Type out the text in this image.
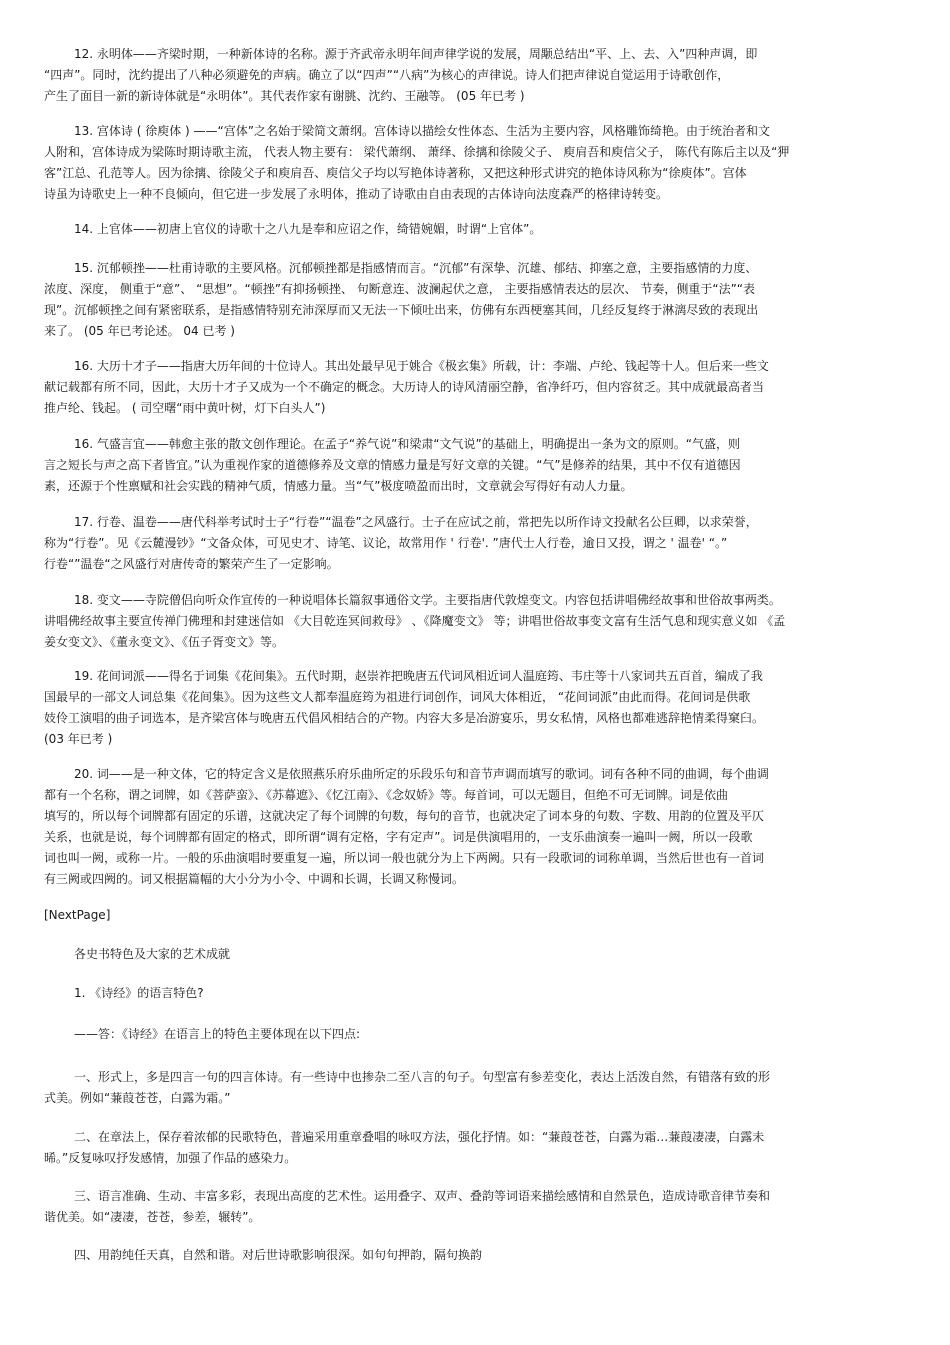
12. 永明体——齐梁时期，一种新体诗的名称。源于齐武帝永明年间声律学说的发展，周颙总结出“平、上、去、入”四种声调，即
“四声”。同时，沈约提出了八种必须避免的声病。确立了以“四声”“八病”为核心的声律说。诗人们把声律说自觉运用于诗歌创作，
产生了面目一新的新诗体就是“永明体”。其代表作家有谢朓、沈约、王融等。 (05 年已考 )
13. 宫体诗 ( 徐庾体 ) ——“宫体”之名始于梁简文萧纲。宫体诗以描绘女性体态、生活为主要内容，风格雕饰绮艳。由于统治者和文
人附和，宫体诗成为梁陈时期诗歌主流， 代表人物主要有： 梁代萧纲、 萧绎、徐摛和徐陵父子、 庾肩吾和庾信父子， 陈代有陈后主以及“狎
客”江总、孔范等人。因为徐摛、徐陵父子和庾肩吾、庾信父子均以写艳体诗著称，又把这种形式讲究的艳体诗风称为“徐庾体”。宫体
诗虽为诗歌史上一种不良倾向，但它进一步发展了永明体，推动了诗歌由自由表现的古体诗向法度森严的格律诗转变。
14. 上官体——初唐上官仪的诗歌十之八九是奉和应诏之作，绮错婉媚，时谓“上官体”。
15. 沉郁顿挫——杜甫诗歌的主要风格。沉郁顿挫都是指感情而言。“沉郁”有深挚、沉雄、郁结、抑塞之意，主要指感情的力度、
浓度、深度， 侧重于“意”、 “思想”。“顿挫”有抑扬顿挫、 句断意连、波澜起伏之意， 主要指感情表达的层次、 节奏，侧重于“法”“表
现”。沉郁顿挫之间有紧密联系，是指感情特别充沛深厚而又无法一下倾吐出来，仿佛有东西梗塞其间，几经反复终于淋漓尽致的表现出
来了。 (05 年已考论述。 04 已考 )
16. 大历十才子——指唐大历年间的十位诗人。其出处最早见于姚合《极玄集》所载，计：李端、卢纶、钱起等十人。但后来一些文
献记载都有所不同，因此，大历十才子又成为一个不确定的概念。大历诗人的诗风清丽空静，省净纤巧，但内容贫乏。其中成就最高者当
推卢纶、钱起。 ( 司空曙“雨中黄叶树，灯下白头人”)
16. 气盛言宜——韩愈主张的散文创作理论。在孟子“养气说”和梁肃“文气说”的基础上，明确提出一条为文的原则。“气盛，则
言之短长与声之高下者皆宜。”认为重视作家的道德修养及文章的情感力量是写好文章的关键。“气”是修养的结果，其中不仅有道德因
素，还源于个性禀赋和社会实践的精神气质，情感力量。当“气”极度喷盈而出时，文章就会写得好有动人力量。
17. 行卷、温卷——唐代科举考试时士子“行卷”“温卷”之风盛行。士子在应试之前，常把先以所作诗文投献名公巨卿，以求荣誉，
称为“行卷”。见《云麓漫钞》“文备众体，可见史才、诗笔、议论，故常用作 ' 行卷'. ”唐代士人行卷，逾日又投，谓之 ' 温卷' “。”
行卷“”温卷“之风盛行对唐传奇的繁荣产生了一定影响。
18. 变文——寺院僧侣向听众作宣传的一种说唱体长篇叙事通俗文学。主要指唐代敦煌变文。内容包括讲唱佛经故事和世俗故事两类。
讲唱佛经故事主要宣传禅门佛理和封建迷信如 《大目乾连冥间救母》 、《降魔变文》 等；讲唱世俗故事变文富有生活气息和现实意义如 《孟
姜女变文》、《董永变文》、《伍子胥变文》等。
19. 花间词派——得名于词集《花间集》。五代时期，赵崇祚把晚唐五代词风相近词人温庭筠、韦庄等十八家词共五百首，编成了我
国最早的一部文人词总集《花间集》。因为这些文人都奉温庭筠为祖进行词创作，词风大体相近， “花间词派”由此而得。花间词是供歌
妓伶工演唱的曲子词选本，是齐梁宫体与晚唐五代倡风相结合的产物。内容大多是冶游宴乐，男女私情，风格也都难逃辞艳情柔得窠臼。
(03 年已考 )
20. 词——是一种文体，它的特定含义是依照燕乐府乐曲所定的乐段乐句和音节声调而填写的歌词。词有各种不同的曲调，每个曲调
都有一个名称，谓之词牌，如《菩萨蛮》、《苏幕遮》、《忆江南》、《念奴娇》等。每首词，可以无题目，但绝不可无词牌。词是依曲
填写的，所以每个词牌都有固定的乐谱，这就决定了每个词牌的句数，每句的音节，也就决定了词本身的句数、字数、用韵的位置及平仄
关系，也就是说，每个词牌都有固定的格式，即所谓“调有定格，字有定声”。词是供演唱用的，一支乐曲演奏一遍叫一阙，所以一段歌
词也叫一阙，或称一片。一般的乐曲演唱时要重复一遍，所以词一般也就分为上下两阙。只有一段歌词的词称单调，当然后世也有一首词
有三阙或四阙的。词又根据篇幅的大小分为小令、中调和长调，长调又称慢词。
[NextPage]
各史书特色及大家的艺术成就
1. 《诗经》的语言特色?
——答：《诗经》在语言上的特色主要体现在以下四点:
一、形式上，多是四言一句的四言体诗。有一些诗中也掺杂二至八言的句子。句型富有参差变化，表达上活泼自然，有错落有致的形
式美。例如“蒹葭苍苍，白露为霜。”
二、在章法上，保存着浓郁的民歌特色，普遍采用重章叠唱的咏叹方法，强化抒情。如：“蒹葭苍苍，白露为霜…蒹葭凄凄，白露未
晞。”反复咏叹抒发感情，加强了作品的感染力。
三、语言准确、生动、丰富多彩，表现出高度的艺术性。运用叠字、双声、叠韵等词语来描绘感情和自然景色，造成诗歌音律节奏和
谐优美。如“凄凄，苍苍，参差，辗转”。
四、用韵纯任天真，自然和谐。对后世诗歌影响很深。如句句押韵，隔句换韵
